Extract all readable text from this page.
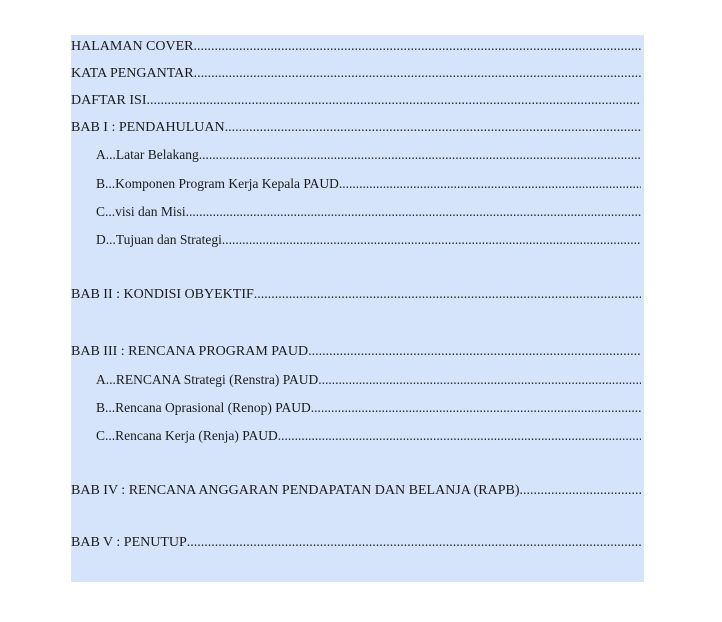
HALAMAN COVER
.....
KATA PENGANTAR
.....
DAFTAR ISI
.....
BAB I : PENDAHULUAN
.....
A... Latar Belakang
.....
B... Komponen Program Kerja Kepala PAUD
.....
C... visi dan Misi
.....
D... Tujuan dan Strategi
.....
BAB II : KONDISI OBYEKTIF
.....
BAB III : RENCANA PROGRAM PAUD
.....
A... RENCANA Strategi (Renstra) PAUD
.....
B... Rencana Oprasional (Renop) PAUD
.....
C... Rencana Kerja (Renja) PAUD
.....
BAB IV : RENCANA ANGGARAN PENDAPATAN DAN BELANJA (RAPB)
.....
BAB V : PENUTUP
.....
